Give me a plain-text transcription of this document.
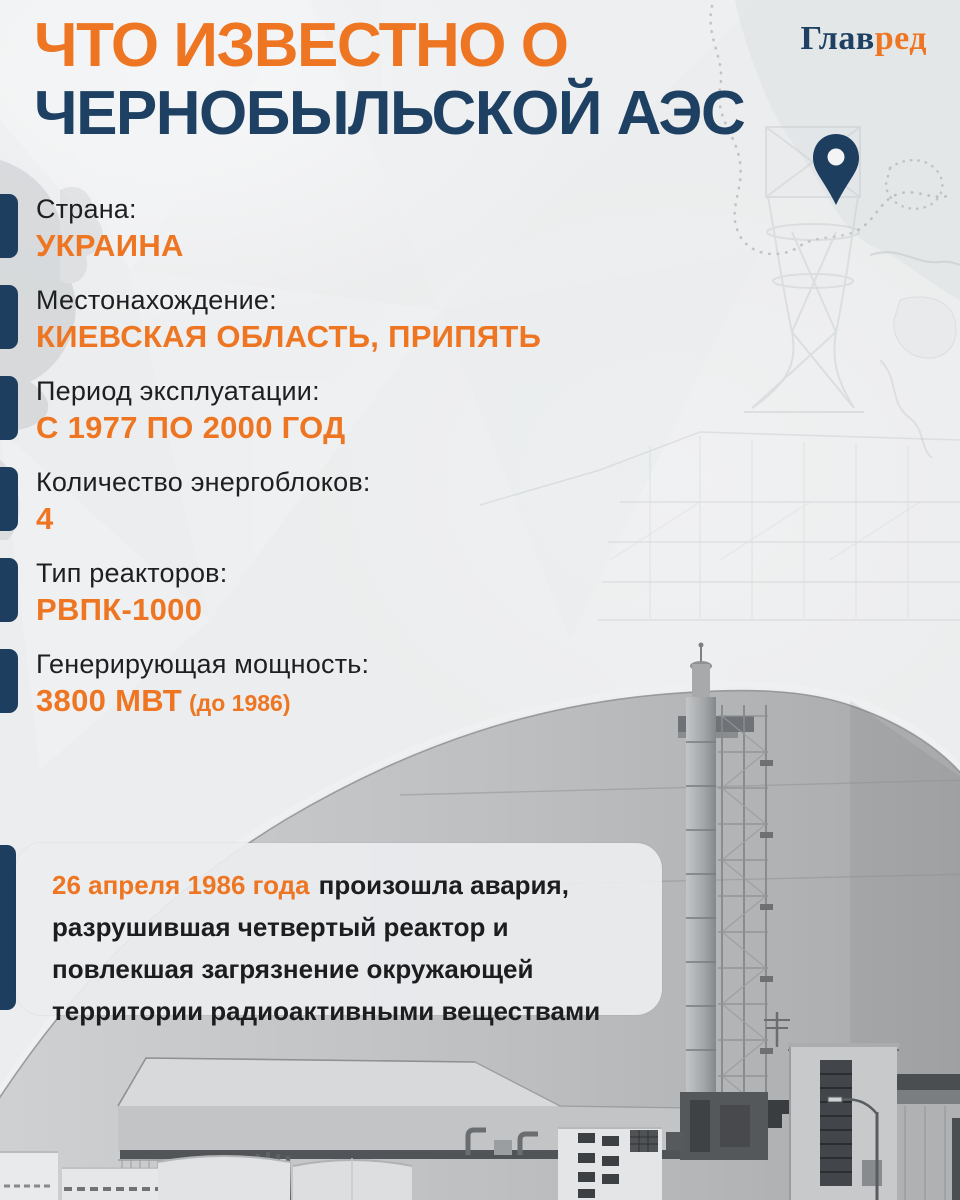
ЧТО ИЗВЕСТНО О
ЧЕРНОБЫЛЬСКОЙ АЭС
Главред
Страна:
УКРАИНА
Местонахождение:
КИЕВСКАЯ ОБЛАСТЬ, ПРИПЯТЬ
Период эксплуатации:
С 1977 ПО 2000 ГОД
Количество энергоблоков:
4
Тип реакторов:
РВПК-1000
Генерирующая мощность:
3800 МВТ (до 1986)
26 апреля 1986 года произошла авария, разрушившая четвертый реактор и повлекшая загрязнение окружающей территории радиоактивными веществами
